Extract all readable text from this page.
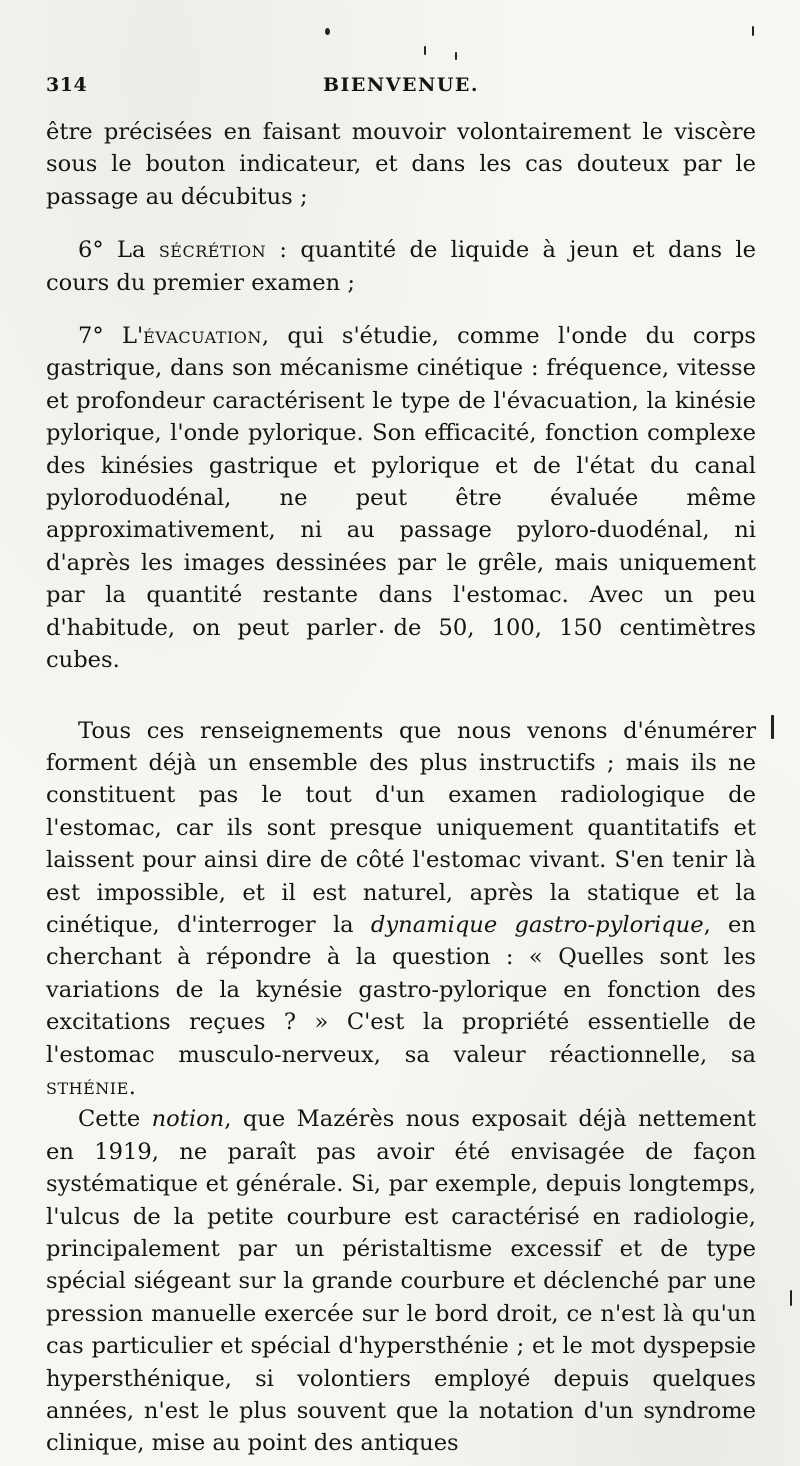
314	BIENVENUE.

être précisées en faisant mouvoir volontairement le viscère sous le bouton indicateur, et dans les cas douteux par le passage au décubitus ;

6° La sécrétion : quantité de liquide à jeun et dans le cours du premier examen ;

7° L'évacuation, qui s'étudie, comme l'onde du corps gastrique, dans son mécanisme cinétique : fréquence, vitesse et profondeur caractérisent le type de l'évacuation, la kinésie pylorique, l'onde pylorique. Son efficacité, fonction complexe des kinésies gastrique et pylorique et de l'état du canal pyloroduodénal, ne peut être évaluée même approximativement, ni au passage pyloro-duodénal, ni d'après les images dessinées par le grêle, mais uniquement par la quantité restante dans l'estomac. Avec un peu d'habitude, on peut parler de 50, 100, 150 centimètres cubes.

Tous ces renseignements que nous venons d'énumérer forment déjà un ensemble des plus instructifs ; mais ils ne constituent pas le tout d'un examen radiologique de l'estomac, car ils sont presque uniquement quantitatifs et laissent pour ainsi dire de côté l'estomac vivant. S'en tenir là est impossible, et il est naturel, après la statique et la cinétique, d'interroger la dynamique gastro-pylorique, en cherchant à répondre à la question : « Quelles sont les variations de la kynésie gastro-pylorique en fonction des excitations reçues ? » C'est la propriété essentielle de l'estomac musculo-nerveux, sa valeur réactionnelle, sa sthénie.

Cette notion, que Mazérès nous exposait déjà nettement en 1919, ne paraît pas avoir été envisagée de façon systématique et générale. Si, par exemple, depuis longtemps, l'ulcus de la petite courbure est caractérisé en radiologie, principalement par un péristaltisme excessif et de type spécial siégeant sur la grande courbure et déclenché par une pression manuelle exercée sur le bord droit, ce n'est là qu'un cas particulier et spécial d'hypersthénie ; et le mot dyspepsie hypersthénique, si volontiers employé depuis quelques années, n'est le plus souvent que la notation d'un syndrome clinique, mise au point des antiques
